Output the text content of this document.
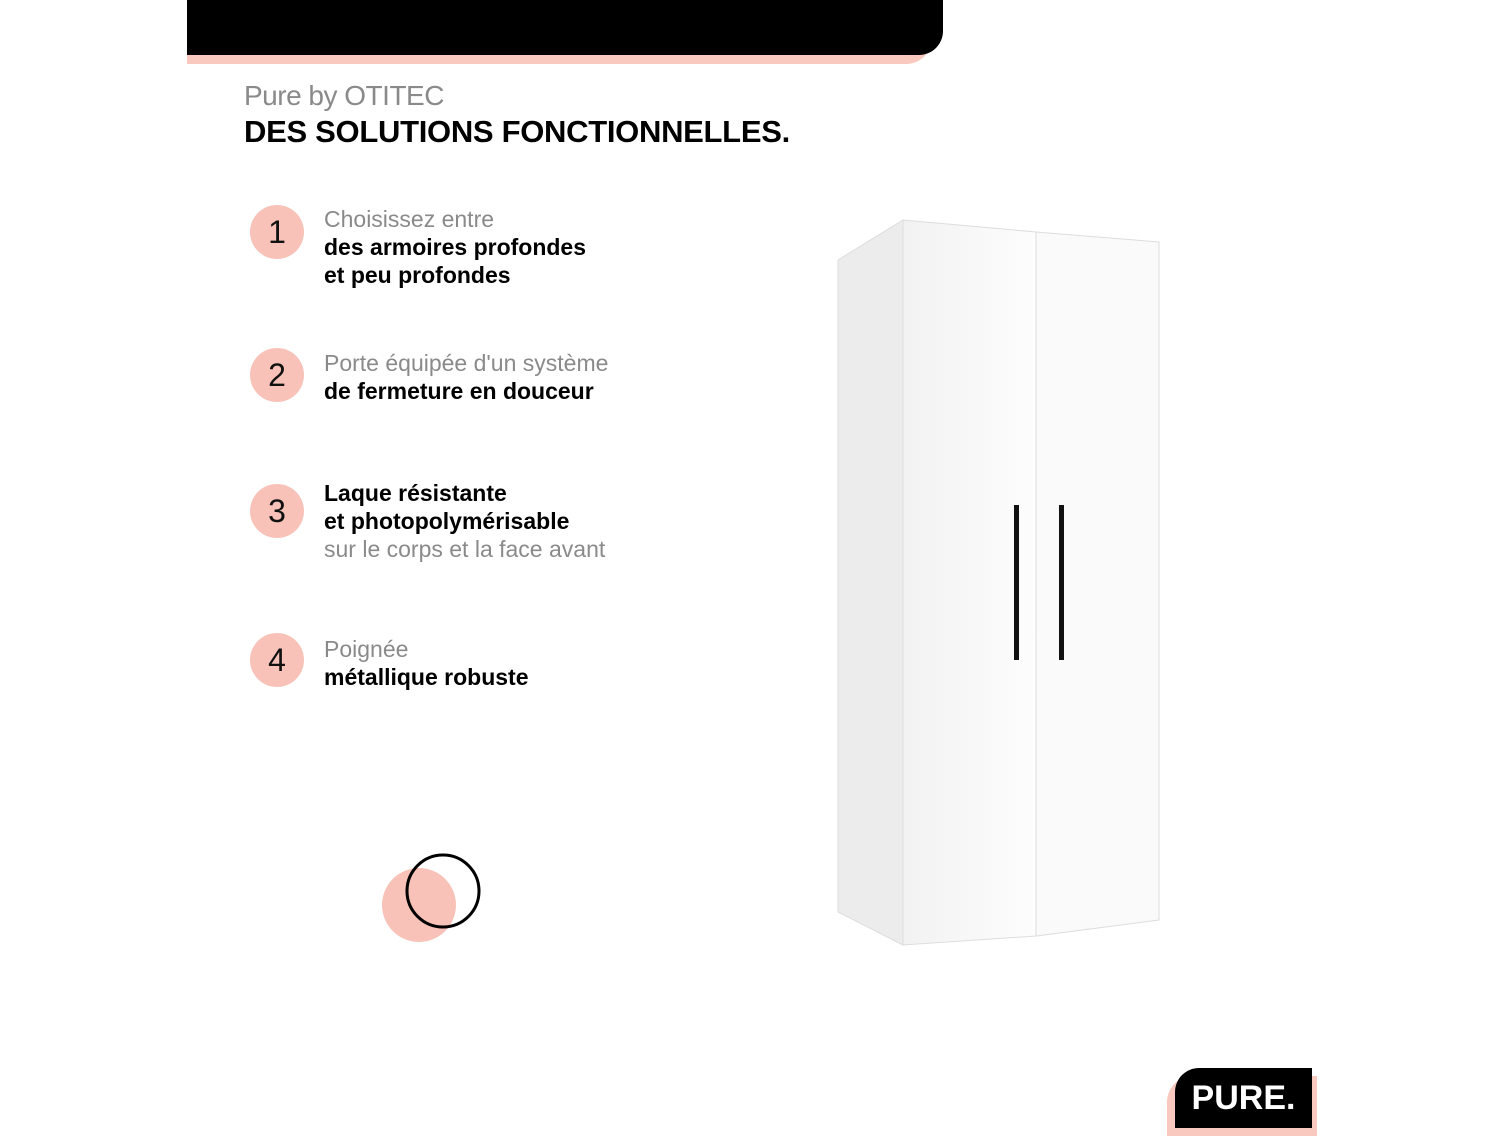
Pure by OTITEC
DES SOLUTIONS FONCTIONNELLES.
1	Choisissez entre
des armoires profondes
et peu profondes
2	Porte équipée d'un système
de fermeture en douceur
3	Laque résistante
et photopolymérisable
sur le corps et la face avant
4	Poignée
métallique robuste
PURE.
